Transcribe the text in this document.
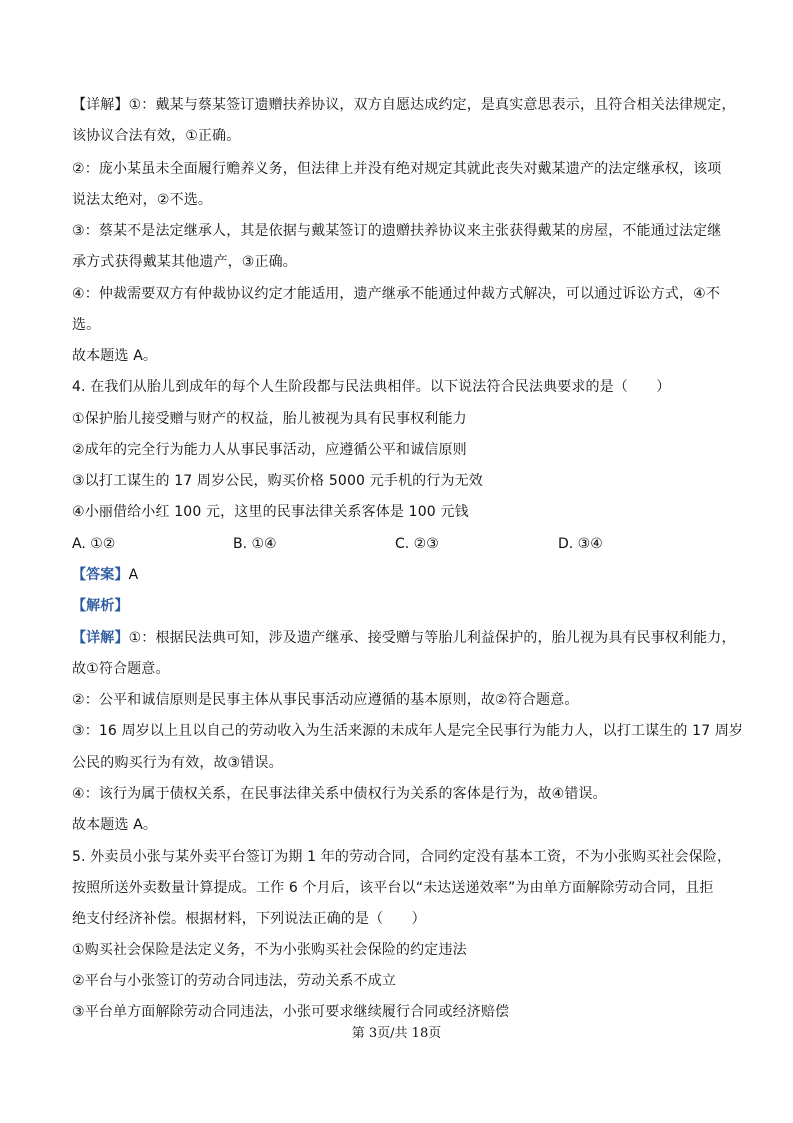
【详解】①：戴某与蔡某签订遗赠扶养协议，双方自愿达成约定，是真实意思表示，且符合相关法律规定，
该协议合法有效，①正确。
②：庞小某虽未全面履行赡养义务，但法律上并没有绝对规定其就此丧失对戴某遗产的法定继承权，该项
说法太绝对，②不选。
③：蔡某不是法定继承人，其是依据与戴某签订的遗赠扶养协议来主张获得戴某的房屋，不能通过法定继
承方式获得戴某其他遗产，③正确。
④：仲裁需要双方有仲裁协议约定才能适用，遗产继承不能通过仲裁方式解决，可以通过诉讼方式，④不
选。
故本题选 A。
4. 在我们从胎儿到成年的每个人生阶段都与民法典相伴。以下说法符合民法典要求的是（　　）
①保护胎儿接受赠与财产的权益，胎儿被视为具有民事权利能力
②成年的完全行为能力人从事民事活动，应遵循公平和诚信原则
③以打工谋生的 17 周岁公民，购买价格 5000 元手机的行为无效
④小丽借给小红 100 元，这里的民事法律关系客体是 100 元钱
A. ①②	B. ①④	C. ②③	D. ③④
【答案】A
【解析】
【详解】①：根据民法典可知，涉及遗产继承、接受赠与等胎儿利益保护的，胎儿视为具有民事权利能力，
故①符合题意。
②：公平和诚信原则是民事主体从事民事活动应遵循的基本原则，故②符合题意。
③：16 周岁以上且以自己的劳动收入为生活来源的未成年人是完全民事行为能力人，以打工谋生的 17 周岁
公民的购买行为有效，故③错误。
④：该行为属于债权关系，在民事法律关系中债权行为关系的客体是行为，故④错误。
故本题选 A。
5. 外卖员小张与某外卖平台签订为期 1 年的劳动合同，合同约定没有基本工资，不为小张购买社会保险，
按照所送外卖数量计算提成。工作 6 个月后，该平台以“未达送递效率”为由单方面解除劳动合同，且拒
绝支付经济补偿。根据材料，下列说法正确的是（　　）
①购买社会保险是法定义务，不为小张购买社会保险的约定违法
②平台与小张签订的劳动合同违法，劳动关系不成立
③平台单方面解除劳动合同违法，小张可要求继续履行合同或经济赔偿
第 3页/共 18页
